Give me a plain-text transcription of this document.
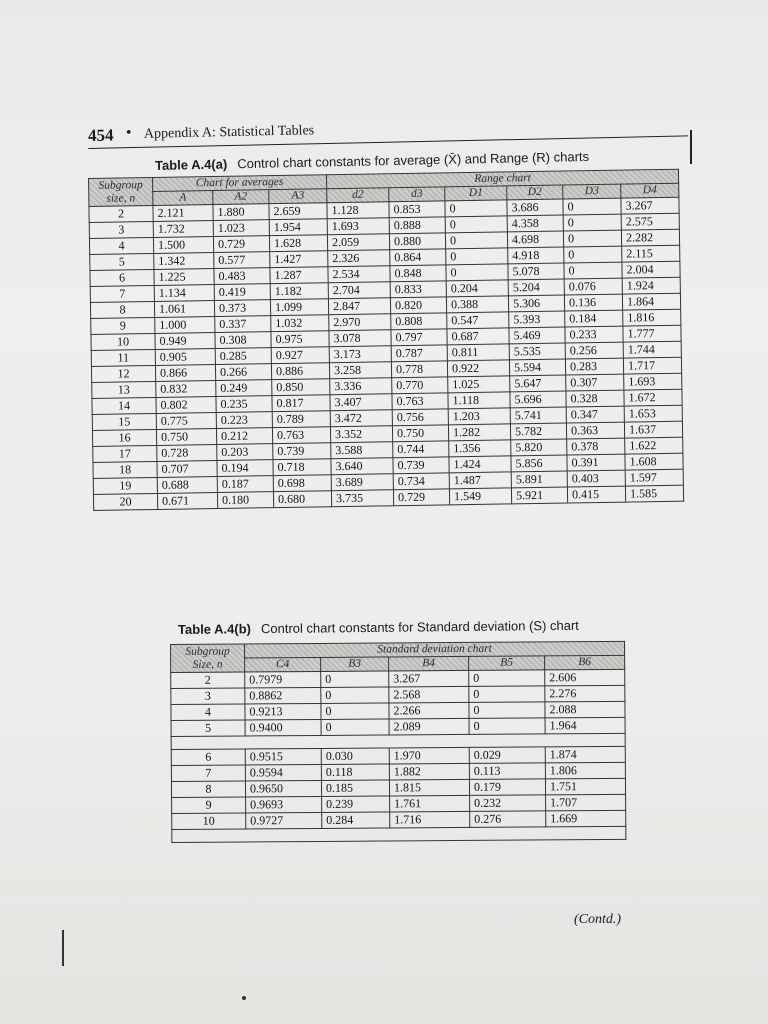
454 • Appendix A: Statistical Tables
Table A.4(a) Control chart constants for average (X̄) and Range (R) charts
Subgroup size, n	Chart for averages			Range chart					
	A	A2	A3	d2	d3	D1	D2	D3	D4
2	2.121	1.880	2.659	1.128	0.853	0	3.686	0	3.267
3	1.732	1.023	1.954	1.693	0.888	0	4.358	0	2.575
4	1.500	0.729	1.628	2.059	0.880	0	4.698	0	2.282
5	1.342	0.577	1.427	2.326	0.864	0	4.918	0	2.115
6	1.225	0.483	1.287	2.534	0.848	0	5.078	0	2.004
7	1.134	0.419	1.182	2.704	0.833	0.204	5.204	0.076	1.924
8	1.061	0.373	1.099	2.847	0.820	0.388	5.306	0.136	1.864
9	1.000	0.337	1.032	2.970	0.808	0.547	5.393	0.184	1.816
10	0.949	0.308	0.975	3.078	0.797	0.687	5.469	0.233	1.777
11	0.905	0.285	0.927	3.173	0.787	0.811	5.535	0.256	1.744
12	0.866	0.266	0.886	3.258	0.778	0.922	5.594	0.283	1.717
13	0.832	0.249	0.850	3.336	0.770	1.025	5.647	0.307	1.693
14	0.802	0.235	0.817	3.407	0.763	1.118	5.696	0.328	1.672
15	0.775	0.223	0.789	3.472	0.756	1.203	5.741	0.347	1.653
16	0.750	0.212	0.763	3.352	0.750	1.282	5.782	0.363	1.637
17	0.728	0.203	0.739	3.588	0.744	1.356	5.820	0.378	1.622
18	0.707	0.194	0.718	3.640	0.739	1.424	5.856	0.391	1.608
19	0.688	0.187	0.698	3.689	0.734	1.487	5.891	0.403	1.597
20	0.671	0.180	0.680	3.735	0.729	1.549	5.921	0.415	1.585
Table A.4(b) Control chart constants for Standard deviation (S) chart
Subgroup Size, n	Standard deviation chart				
	C4	B3	B4	B5	B6
2	0.7979	0	3.267	0	2.606
3	0.8862	0	2.568	0	2.276
4	0.9213	0	2.266	0	2.088
5	0.9400	0	2.089	0	1.964

6	0.9515	0.030	1.970	0.029	1.874
7	0.9594	0.118	1.882	0.113	1.806
8	0.9650	0.185	1.815	0.179	1.751
9	0.9693	0.239	1.761	0.232	1.707
10	0.9727	0.284	1.716	0.276	1.669

(Contd.)
